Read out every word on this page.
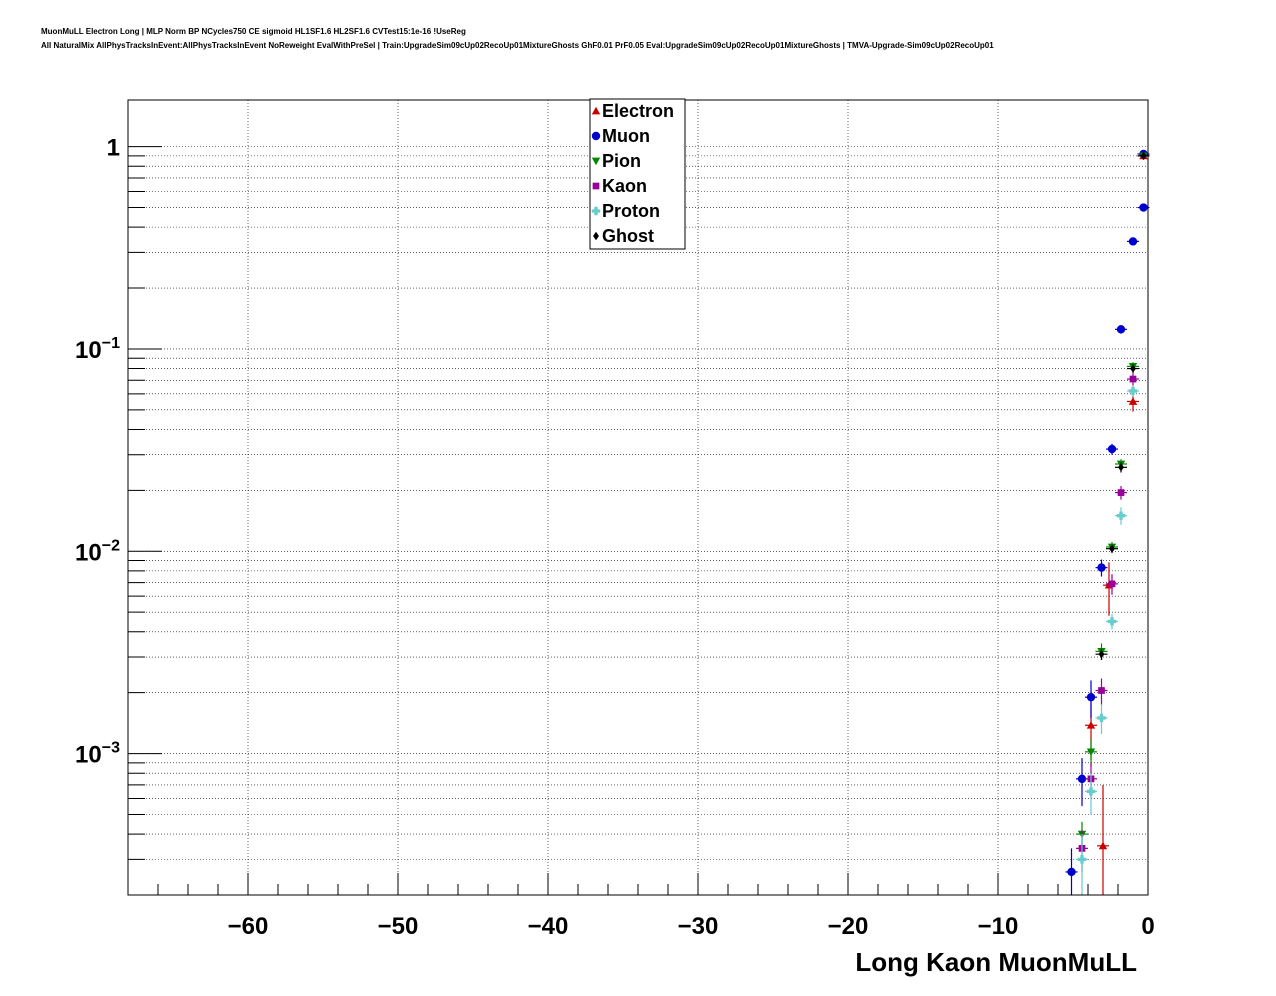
MuonMuLL Electron Long | MLP Norm BP NCycles750 CE sigmoid HL1SF1.6 HL2SF1.6 CVTest15:1e-16 !UseReg
All NaturalMix AllPhysTracksInEvent:AllPhysTracksInEvent NoReweight EvalWithPreSel | Train:UpgradeSim09cUp02RecoUp01MixtureGhosts GhF0.01 PrF0.05 Eval:UpgradeSim09cUp02RecoUp01MixtureGhosts | TMVA-Upgrade-Sim09cUp02RecoUp01
−60	−50	−40	−30	−20	−10	0
1
$10^{-1}$
$10^{-2}$
$10^{-3}$
Long Kaon MuonMuLL
Electron
Muon
Pion
Kaon
Proton
Ghost
